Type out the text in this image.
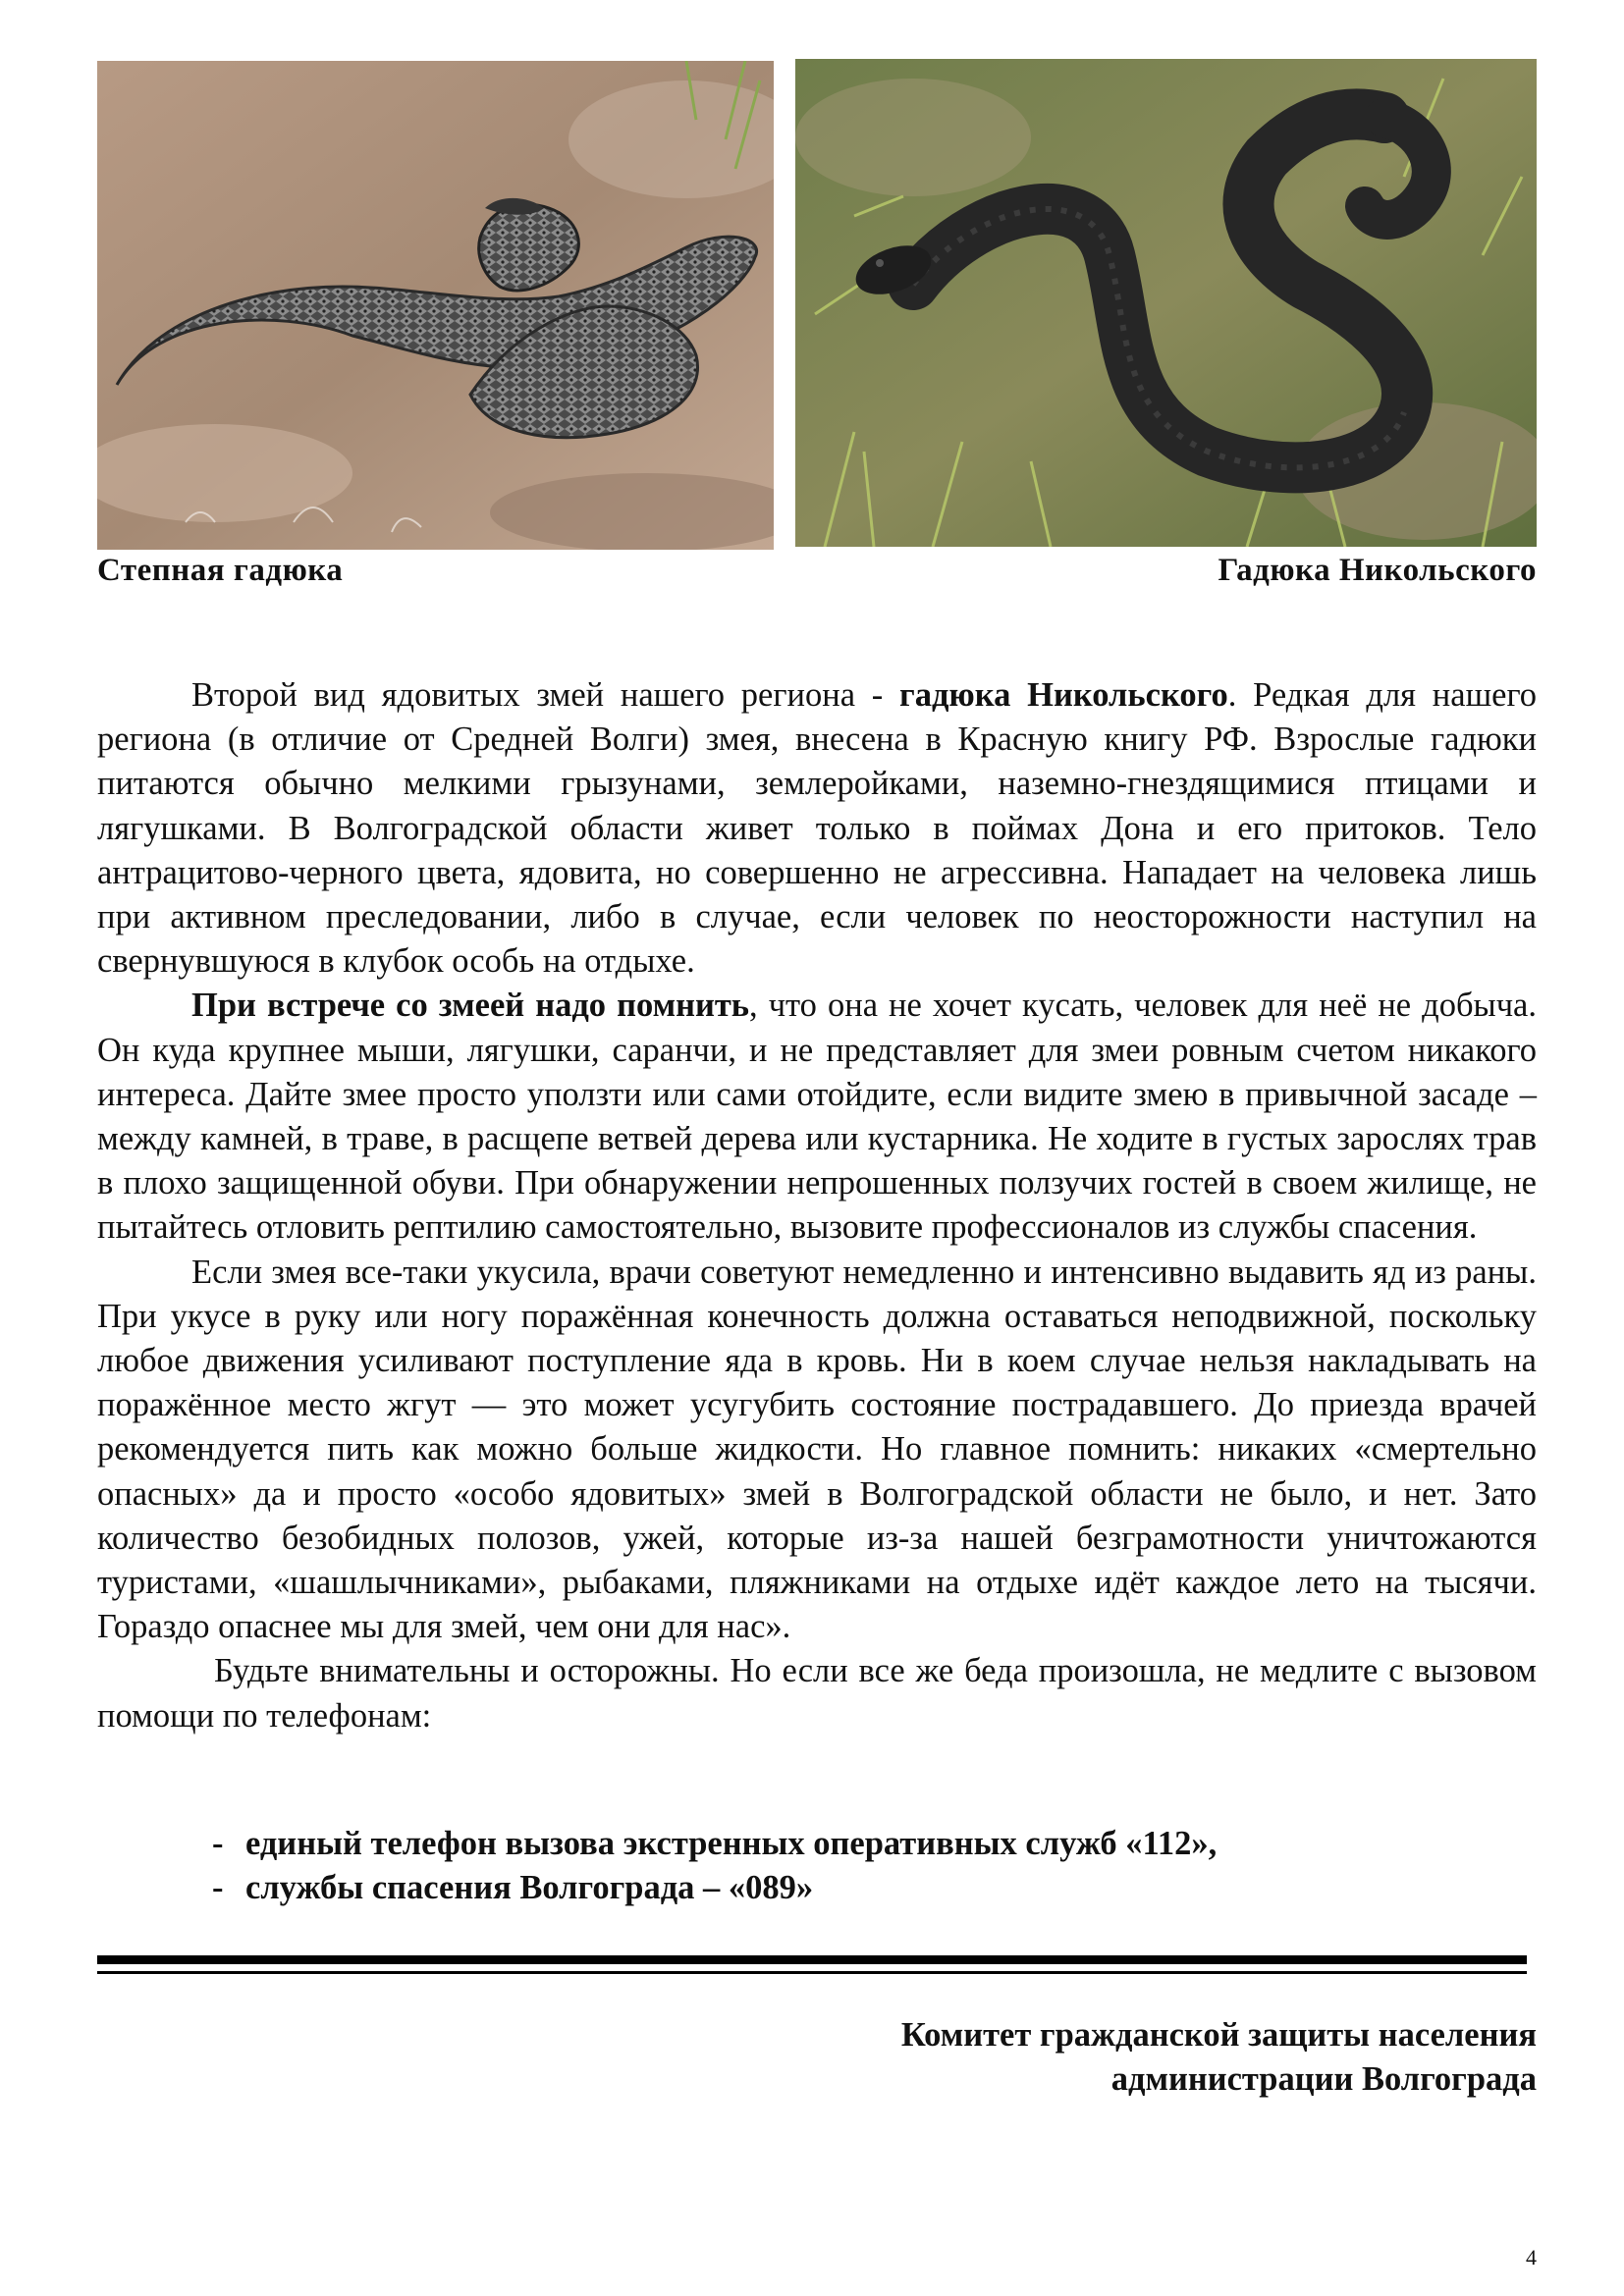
Степная гадюка	Гадюка Никольского

Второй вид ядовитых змей нашего региона - гадюка Никольского. Редкая для нашего региона (в отличие от Средней Волги) змея, внесена в Красную книгу РФ. Взрослые гадюки питаются обычно мелкими грызунами, землеройками, наземно-гнездящимися птицами и лягушками. В Волгоградской области живет только в поймах Дона и его притоков. Тело антрацитово-черного цвета, ядовита, но совершенно не агрессивна. Нападает на человека лишь при активном преследовании, либо в случае, если человек по неосторожности наступил на свернувшуюся в клубок особь на отдыхе.

При встрече со змеей надо помнить, что она не хочет кусать, человек для неё не добыча. Он куда крупнее мыши, лягушки, саранчи, и не представляет для змеи ровным счетом никакого интереса. Дайте змее просто уползти или сами отойдите, если видите змею в привычной засаде – между камней, в траве, в расщепе ветвей дерева или кустарника. Не ходите в густых зарослях трав в плохо защищенной обуви. При обнаружении непрошенных ползучих гостей в своем жилище, не пытайтесь отловить рептилию самостоятельно, вызовите профессионалов из службы спасения.

Если змея все-таки укусила, врачи советуют немедленно и интенсивно выдавить яд из раны. При укусе в руку или ногу поражённая конечность должна оставаться неподвижной, поскольку любое движения усиливают поступление яда в кровь. Ни в коем случае нельзя накладывать на поражённое место жгут — это может усугубить состояние пострадавшего. До приезда врачей рекомендуется пить как можно больше жидкости. Но главное помнить: никаких «смертельно опасных» да и просто «особо ядовитых» змей в Волгоградской области не было, и нет. Зато количество безобидных полозов, ужей, которые из-за нашей безграмотности уничтожаются туристами, «шашлычниками», рыбаками, пляжниками на отдыхе идёт каждое лето на тысячи. Гораздо опаснее мы для змей, чем они для нас».

Будьте внимательны и осторожны. Но если все же беда произошла, не медлите с вызовом помощи по телефонам:

- единый телефон вызова экстренных оперативных служб «112»,
- службы спасения Волгограда – «089»
Комитет гражданской защиты населения
администрации Волгограда
4
